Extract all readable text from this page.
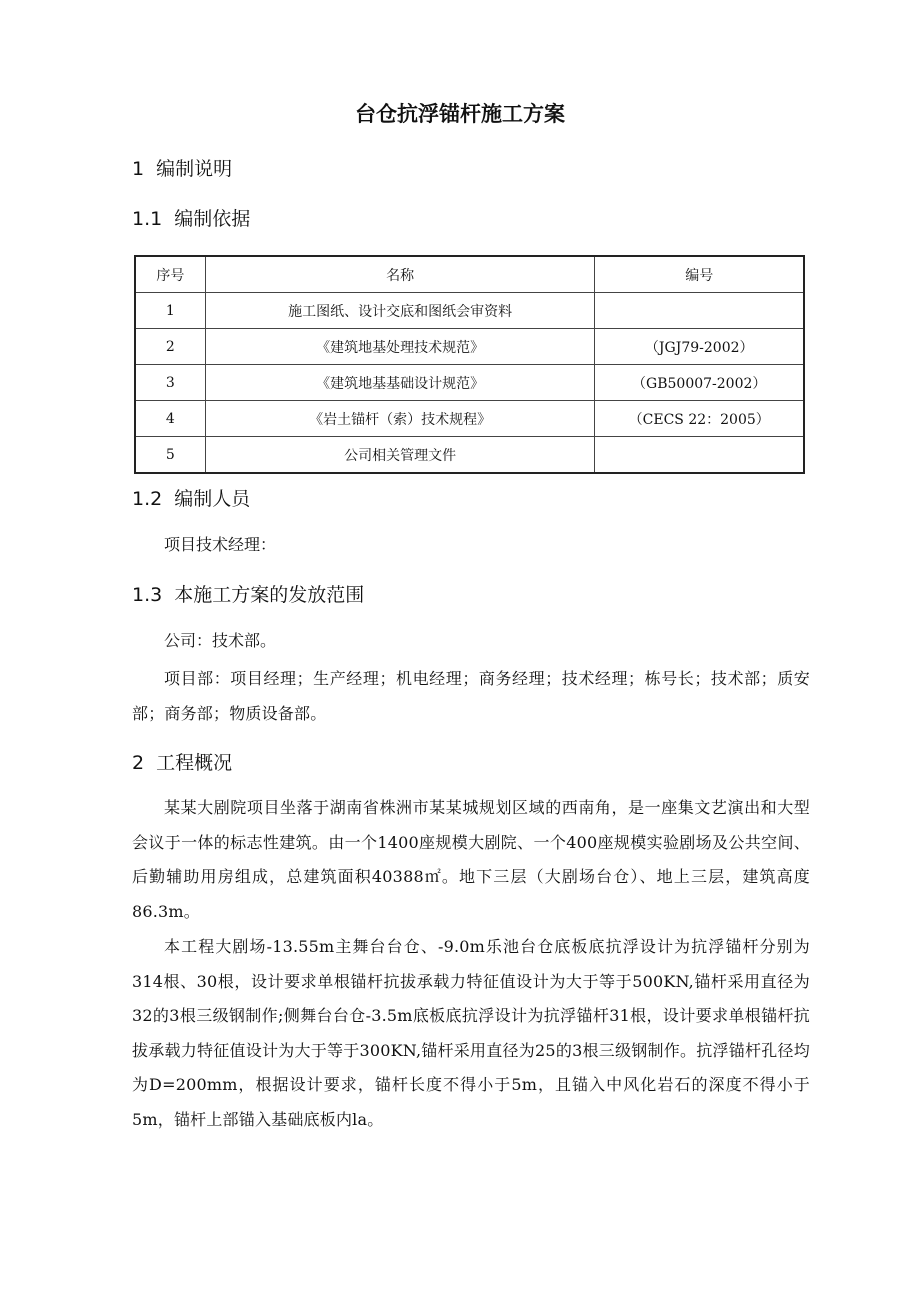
台仓抗浮锚杆施工方案
1 编制说明
1.1 编制依据
序号	名称	编号
1	施工图纸、设计交底和图纸会审资料	
2	《建筑地基处理技术规范》	（JGJ79-2002）
3	《建筑地基基础设计规范》	（GB50007-2002）
4	《岩土锚杆（索）技术规程》	（CECS 22：2005）
5	公司相关管理文件	
1.2 编制人员

项目技术经理：

1.3 本施工方案的发放范围

公司：技术部。

项目部：项目经理；生产经理；机电经理；商务经理；技术经理；栋号长；技术部；质安部；商务部；物质设备部。

2 工程概况

某某大剧院项目坐落于湖南省株洲市某某城规划区域的西南角，是一座集文艺演出和大型会议于一体的标志性建筑。由一个1400座规模大剧院、一个400座规模实验剧场及公共空间、后勤辅助用房组成，总建筑面积40388㎡。地下三层（大剧场台仓）、地上三层，建筑高度86.3m。

本工程大剧场-13.55m主舞台台仓、-9.0m乐池台仓底板底抗浮设计为抗浮锚杆分别为314根、30根，设计要求单根锚杆抗拔承载力特征值设计为大于等于500KN,锚杆采用直径为32的3根三级钢制作;侧舞台台仓-3.5m底板底抗浮设计为抗浮锚杆31根，设计要求单根锚杆抗拔承载力特征值设计为大于等于300KN,锚杆采用直径为25的3根三级钢制作。抗浮锚杆孔径均为D=200mm，根据设计要求，锚杆长度不得小于5m，且锚入中风化岩石的深度不得小于5m，锚杆上部锚入基础底板内la。
